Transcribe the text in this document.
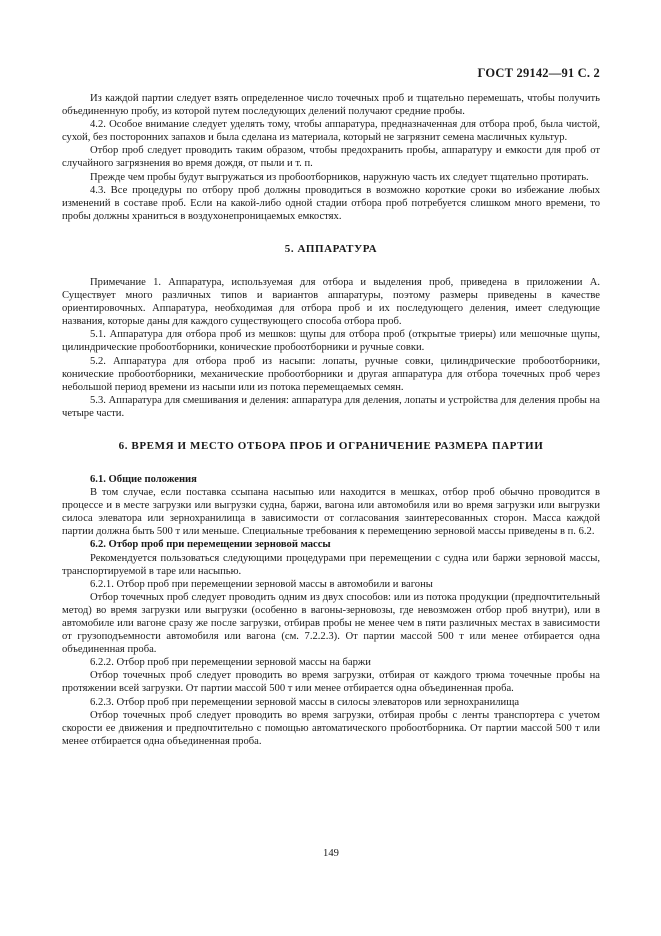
ГОСТ 29142—91 С. 2

Из каждой партии следует взять определенное число точечных проб и тщательно перемешать, чтобы получить объединенную пробу, из которой путем последующих делений получают средние пробы.

4.2. Особое внимание следует уделять тому, чтобы аппаратура, предназначенная для отбора проб, была чистой, сухой, без посторонних запахов и была сделана из материала, который не загрязнит семена масличных культур.

Отбор проб следует проводить таким образом, чтобы предохранить пробы, аппаратуру и емкости для проб от случайного загрязнения во время дождя, от пыли и т. п.

Прежде чем пробы будут выгружаться из пробоотборников, наружную часть их следует тщательно протирать.

4.3. Все процедуры по отбору проб должны проводиться в возможно короткие сроки во избежание любых изменений в составе проб. Если на какой-либо одной стадии отбора проб потребуется слишком много времени, то пробы должны храниться в воздухонепроницаемых емкостях.

5. АППАРАТУРА

Примечание 1. Аппаратура, используемая для отбора и выделения проб, приведена в приложении А. Существует много различных типов и вариантов аппаратуры, поэтому размеры приведены в качестве ориентировочных. Аппаратура, необходимая для отбора проб и их последующего деления, имеет следующие названия, которые даны для каждого существующего способа отбора проб.

5.1. Аппаратура для отбора проб из мешков: щупы для отбора проб (открытые триеры) или мешочные щупы, цилиндрические пробоотборники, конические пробоотборники и ручные совки.

5.2. Аппаратура для отбора проб из насыпи: лопаты, ручные совки, цилиндрические пробоотборники, конические пробоотборники, механические пробоотборники и другая аппаратура для отбора точечных проб через небольшой период времени из насыпи или из потока перемещаемых семян.

5.3. Аппаратура для смешивания и деления: аппаратура для деления, лопаты и устройства для деления пробы на четыре части.

6. ВРЕМЯ И МЕСТО ОТБОРА ПРОБ И ОГРАНИЧЕНИЕ РАЗМЕРА ПАРТИИ
6.1. Общие положения

В том случае, если поставка ссыпана насыпью или находится в мешках, отбор проб обычно проводится в процессе и в месте загрузки или выгрузки судна, баржи, вагона или автомобиля или во время загрузки или выгрузки силоса элеватора или зернохранилища в зависимости от согласования заинтересованных сторон. Масса каждой партии должна быть 500 т или меньше. Специальные требования к перемещению зерновой массы приведены в п. 6.2.

6.2. Отбор проб при перемещении зерновой массы

Рекомендуется пользоваться следующими процедурами при перемещении с судна или баржи зерновой массы, транспортируемой в таре или насыпью.

6.2.1. Отбор проб при перемещении зерновой массы в автомобили и вагоны

Отбор точечных проб следует проводить одним из двух способов: или из потока продукции (предпочтительный метод) во время загрузки или выгрузки (особенно в вагоны-зерновозы, где невозможен отбор проб внутри), или в автомобиле или вагоне сразу же после загрузки, отбирав пробы не менее чем в пяти различных местах в зависимости от грузоподъемности автомобиля или вагона (см. 7.2.2.3). От партии массой 500 т или менее отбирается одна объединенная проба.

6.2.2. Отбор проб при перемещении зерновой массы на баржи

Отбор точечных проб следует проводить во время загрузки, отбирая от каждого трюма точечные пробы на протяжении всей загрузки. От партии массой 500 т или менее отбирается одна объединенная проба.

6.2.3. Отбор проб при перемещении зерновой массы в силосы элеваторов или зернохранилища

Отбор точечных проб следует проводить во время загрузки, отбирая пробы с ленты транспортера с учетом скорости ее движения и предпочтительно с помощью автоматического пробоотборника. От партии массой 500 т или менее отбирается одна объединенная проба.

149
